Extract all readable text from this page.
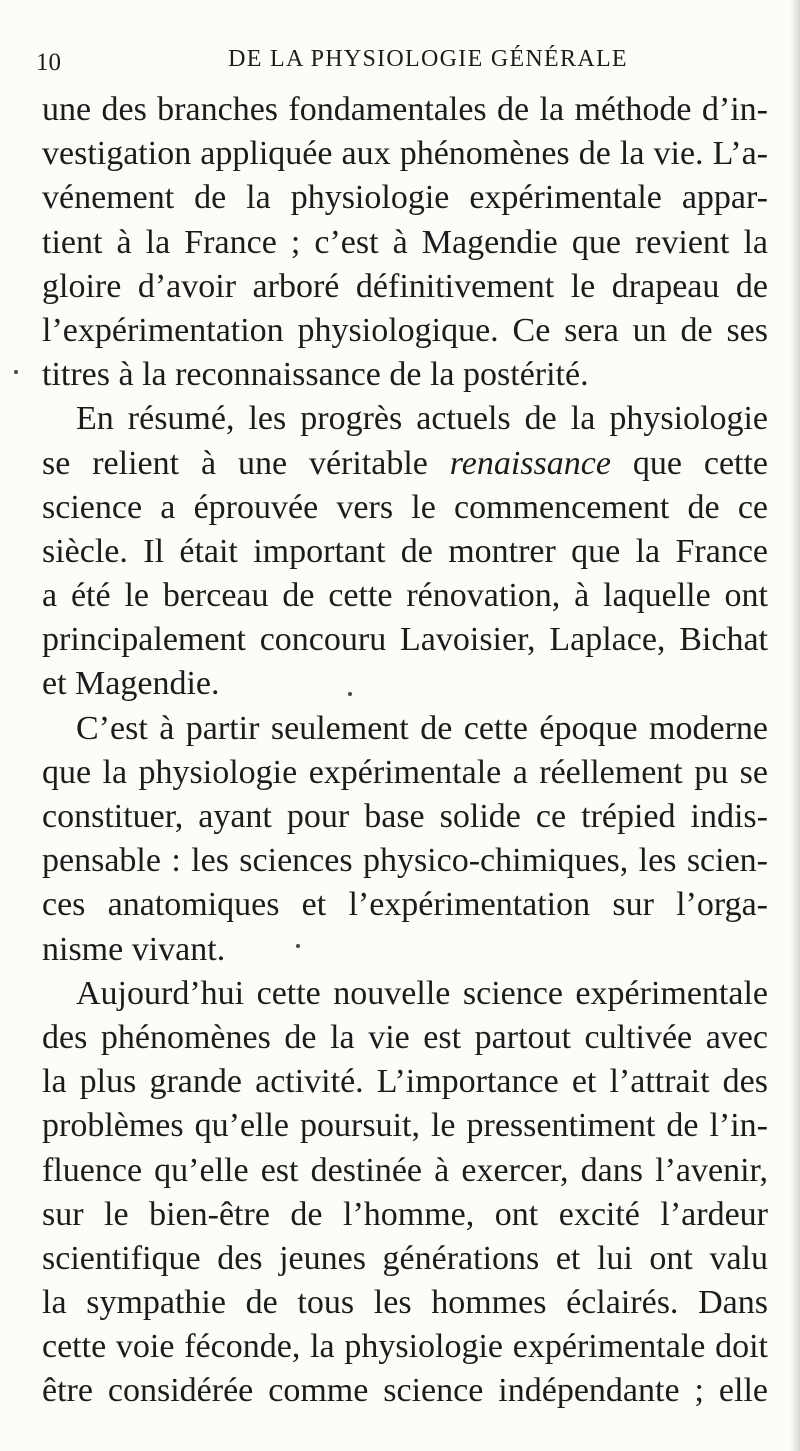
10	DE LA PHYSIOLOGIE GÉNÉRALE
une des branches fondamentales de la méthode d’in-
vestigation appliquée aux phénomènes de la vie. L’a-
vénement de la physiologie expérimentale appar-
tient à la France ; c’est à Magendie que revient la
gloire d’avoir arboré définitivement le drapeau de
l’expérimentation physiologique. Ce sera un de ses
titres à la reconnaissance de la postérité.
En résumé, les progrès actuels de la physiologie
se relient à une véritable renaissance que cette
science a éprouvée vers le commencement de ce
siècle. Il était important de montrer que la France
a été le berceau de cette rénovation, à laquelle ont
principalement concouru Lavoisier, Laplace, Bichat
et Magendie.
C’est à partir seulement de cette époque moderne
que la physiologie expérimentale a réellement pu se
constituer, ayant pour base solide ce trépied indis-
pensable : les sciences physico-chimiques, les scien-
ces anatomiques et l’expérimentation sur l’orga-
nisme vivant.
Aujourd’hui cette nouvelle science expérimentale
des phénomènes de la vie est partout cultivée avec
la plus grande activité. L’importance et l’attrait des
problèmes qu’elle poursuit, le pressentiment de l’in-
fluence qu’elle est destinée à exercer, dans l’avenir,
sur le bien-être de l’homme, ont excité l’ardeur
scientifique des jeunes générations et lui ont valu
la sympathie de tous les hommes éclairés. Dans
cette voie féconde, la physiologie expérimentale doit
être considérée comme science indépendante ; elle
